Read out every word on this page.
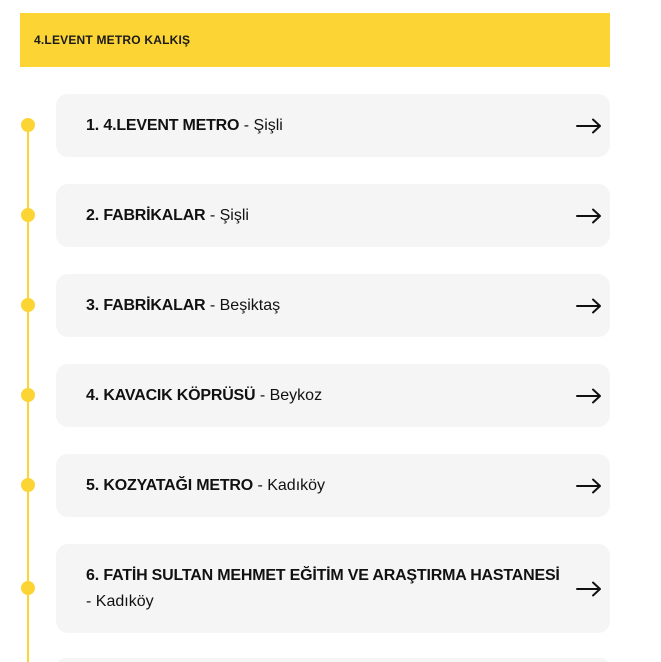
4.LEVENT METRO KALKIŞ
1. 4.LEVENT METRO - Şişli
2. FABRİKALAR - Şişli
3. FABRİKALAR - Beşiktaş
4. KAVACIK KÖPRÜSÜ - Beykoz
5. KOZYATAĞI METRO - Kadıköy
6. FATİH SULTAN MEHMET EĞİTİM VE ARAŞTIRMA HASTANESİ - Kadıköy
